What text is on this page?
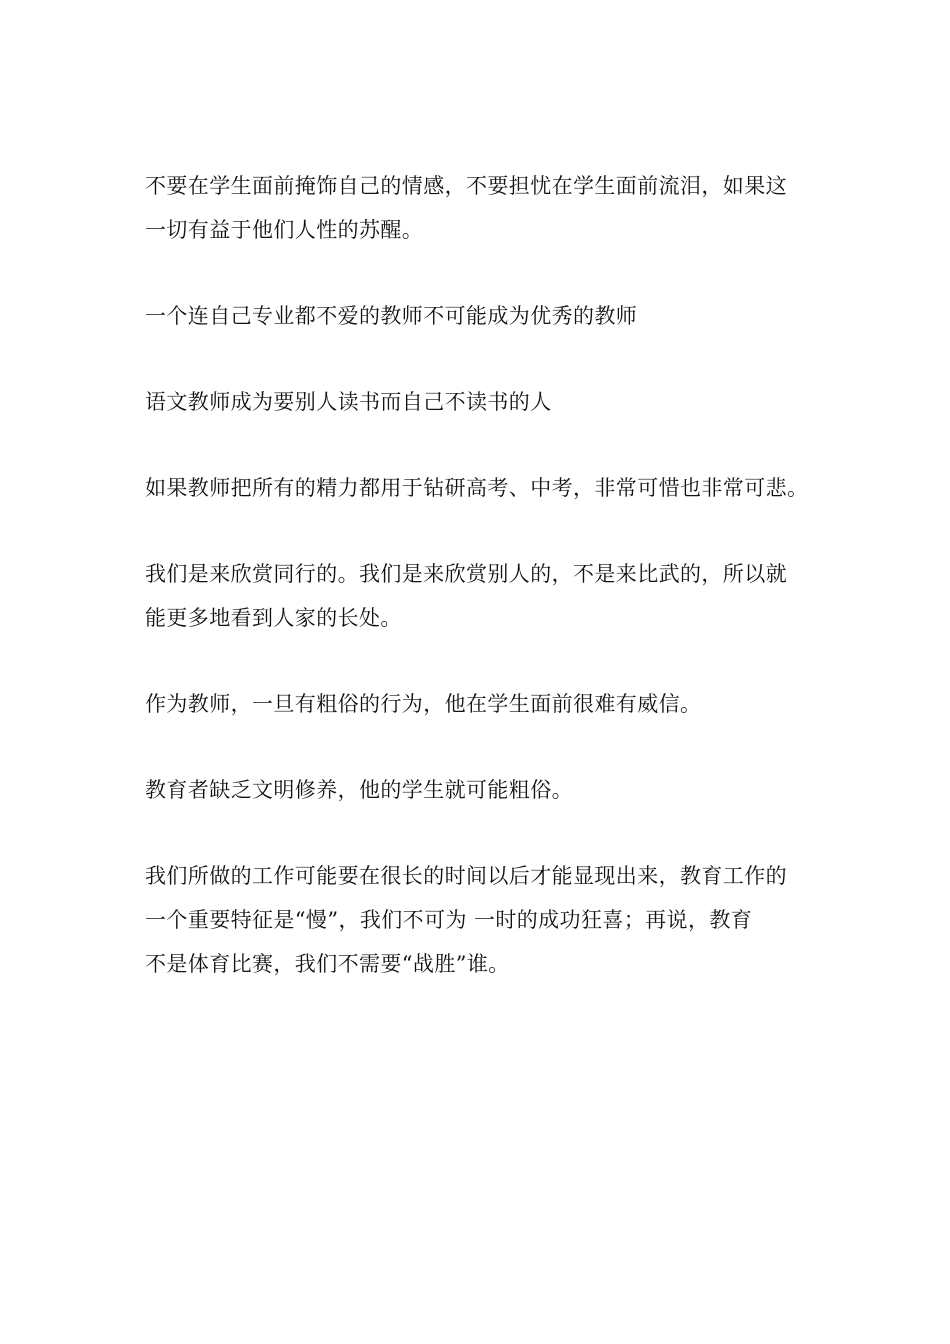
不要在学生面前掩饰自己的情感，不要担忧在学生面前流泪，如果这
一切有益于他们人性的苏醒。

一个连自己专业都不爱的教师不可能成为优秀的教师

语文教师成为要别人读书而自己不读书的人

如果教师把所有的精力都用于钻研高考、中考，非常可惜也非常可悲。

我们是来欣赏同行的。我们是来欣赏别人的，不是来比武的，所以就
能更多地看到人家的长处。

作为教师，一旦有粗俗的行为，他在学生面前很难有威信。

教育者缺乏文明修养，他的学生就可能粗俗。

我们所做的工作可能要在很长的时间以后才能显现出来，教育工作的
一个重要特征是“慢”，我们不可为 一时的成功狂喜；再说，教育
不是体育比赛，我们不需要“战胜”谁。
